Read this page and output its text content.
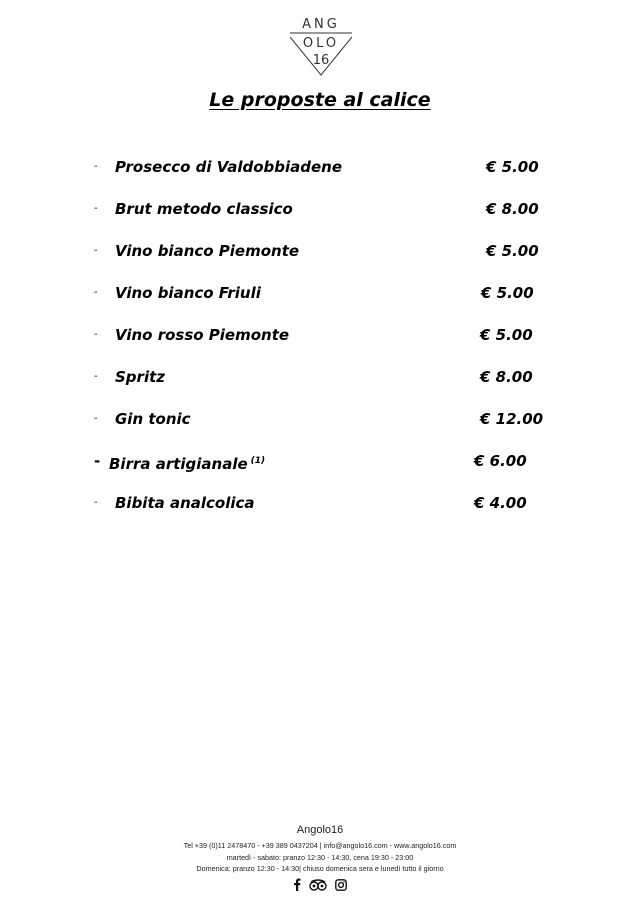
ANG
OLO
16
Le proposte al calice
- Prosecco di Valdobbiadene	€ 5.00
- Brut metodo classico	€ 8.00
- Vino bianco Piemonte	€ 5.00
- Vino bianco Friuli	€ 5.00
- Vino rosso Piemonte	€ 5.00
- Spritz	€ 8.00
- Gin tonic	€ 12.00
- Birra artigianale $^{(1)}$	€ 6.00
- Bibita analcolica	€ 4.00
Angolo16
Tel +39 (0)11 2478470 - +39 389 0437204 | info@angolo16.com - www.angolo16.com
martedì - sabato: pranzo 12:30 - 14:30, cena 19:30 - 23:00
Domenica: pranzo 12:30 - 14:30| chiuso domenica sera e lunedì tutto il giorno
